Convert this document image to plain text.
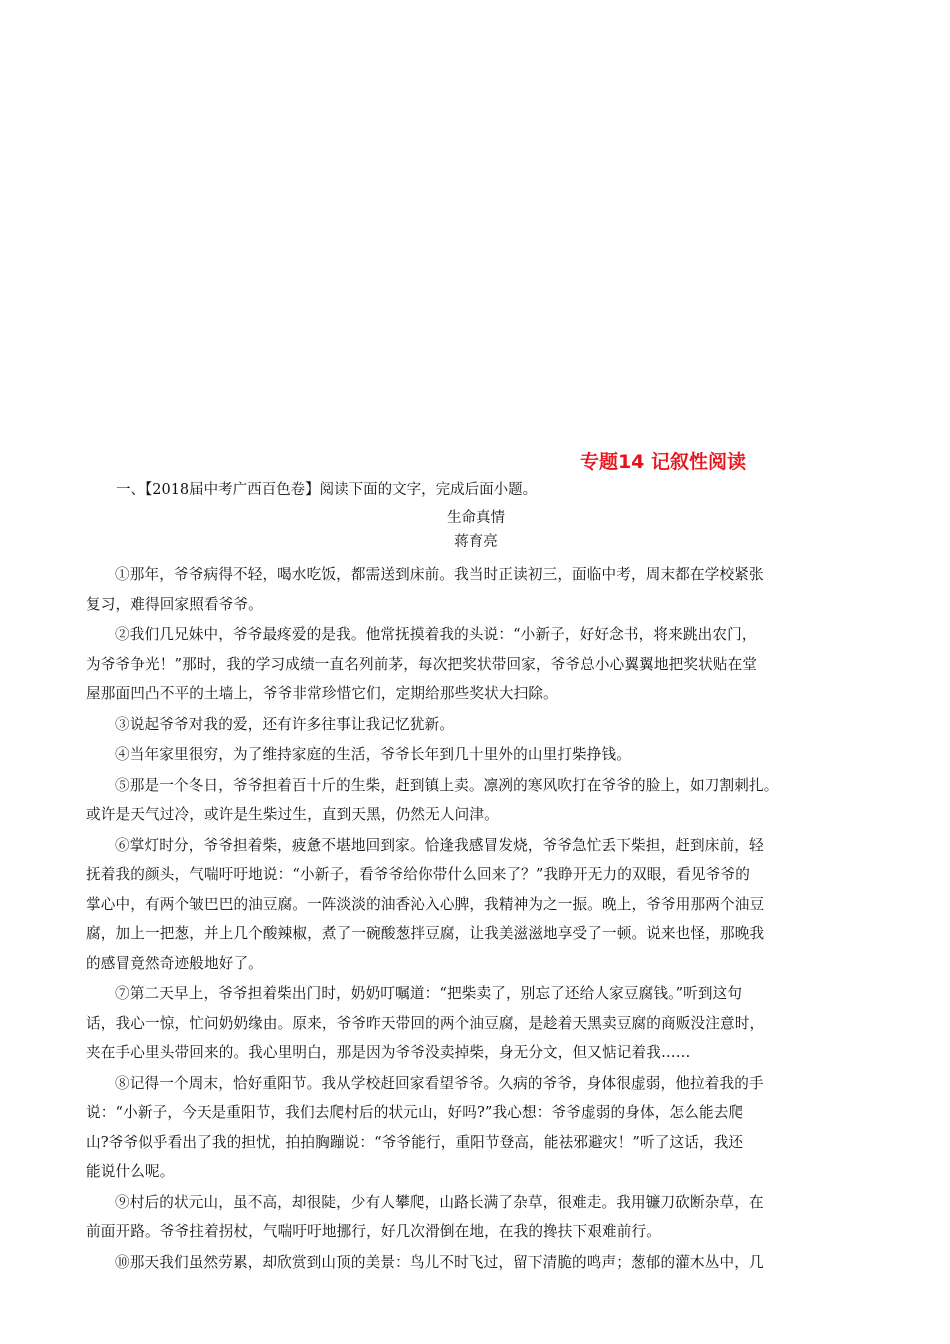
专题14 记叙性阅读

一、【2018届中考广西百色卷】阅读下面的文字，完成后面小题。

生命真情

蒋育亮

①那年，爷爷病得不轻，喝水吃饭，都需送到床前。我当时正读初三，面临中考，周末都在学校紧张
复习，难得回家照看爷爷。

②我们几兄妹中，爷爷最疼爱的是我。他常抚摸着我的头说：“小新子，好好念书，将来跳出农门，
为爷爷争光！”那时，我的学习成绩一直名列前茅，每次把奖状带回家，爷爷总小心翼翼地把奖状贴在堂
屋那面凹凸不平的土墙上，爷爷非常珍惜它们，定期给那些奖状大扫除。

③说起爷爷对我的爱，还有许多往事让我记忆犹新。

④当年家里很穷，为了维持家庭的生活，爷爷长年到几十里外的山里打柴挣钱。

⑤那是一个冬日，爷爷担着百十斤的生柴，赶到镇上卖。凛冽的寒风吹打在爷爷的脸上，如刀割刺扎。
或许是天气过冷，或许是生柴过生，直到天黑，仍然无人问津。

⑥掌灯时分，爷爷担着柴，疲惫不堪地回到家。恰逢我感冒发烧，爷爷急忙丢下柴担，赶到床前，轻
抚着我的颜头，气喘吁吁地说：“小新子，看爷爷给你带什么回来了？”我睁开无力的双眼，看见爷爷的
掌心中，有两个皱巴巴的油豆腐。一阵淡淡的油香沁入心脾，我精神为之一振。晚上，爷爷用那两个油豆
腐，加上一把葱，并上几个酸辣椒，煮了一碗酸葱拌豆腐，让我美滋滋地享受了一顿。说来也怪，那晚我
的感冒竟然奇迹般地好了。

⑦第二天早上，爷爷担着柴出门时，奶奶叮嘱道：“把柴卖了，别忘了还给人家豆腐钱。”听到这句
话，我心一惊，忙问奶奶缘由。原来，爷爷昨天带回的两个油豆腐，是趁着天黑卖豆腐的商贩没注意时，
夹在手心里头带回来的。我心里明白，那是因为爷爷没卖掉柴，身无分文，但又惦记着我……

⑧记得一个周末，恰好重阳节。我从学校赶回家看望爷爷。久病的爷爷，身体很虚弱，他拉着我的手
说：“小新子，今天是重阳节，我们去爬村后的状元山，好吗?”我心想：爷爷虚弱的身体，怎么能去爬
山?爷爷似乎看出了我的担忧，拍拍胸蹦说：“爷爷能行，重阳节登高，能祛邪避灾！”听了这话，我还
能说什么呢。

⑨村后的状元山，虽不高，却很陡，少有人攀爬，山路长满了杂草，很难走。我用镰刀砍断杂草，在
前面开路。爷爷拄着拐杖，气喘吁吁地挪行，好几次滑倒在地，在我的搀扶下艰难前行。

⑩那天我们虽然劳累，却欣赏到山顶的美景：鸟儿不时飞过，留下清脆的鸣声；葱郁的灌木丛中，几
